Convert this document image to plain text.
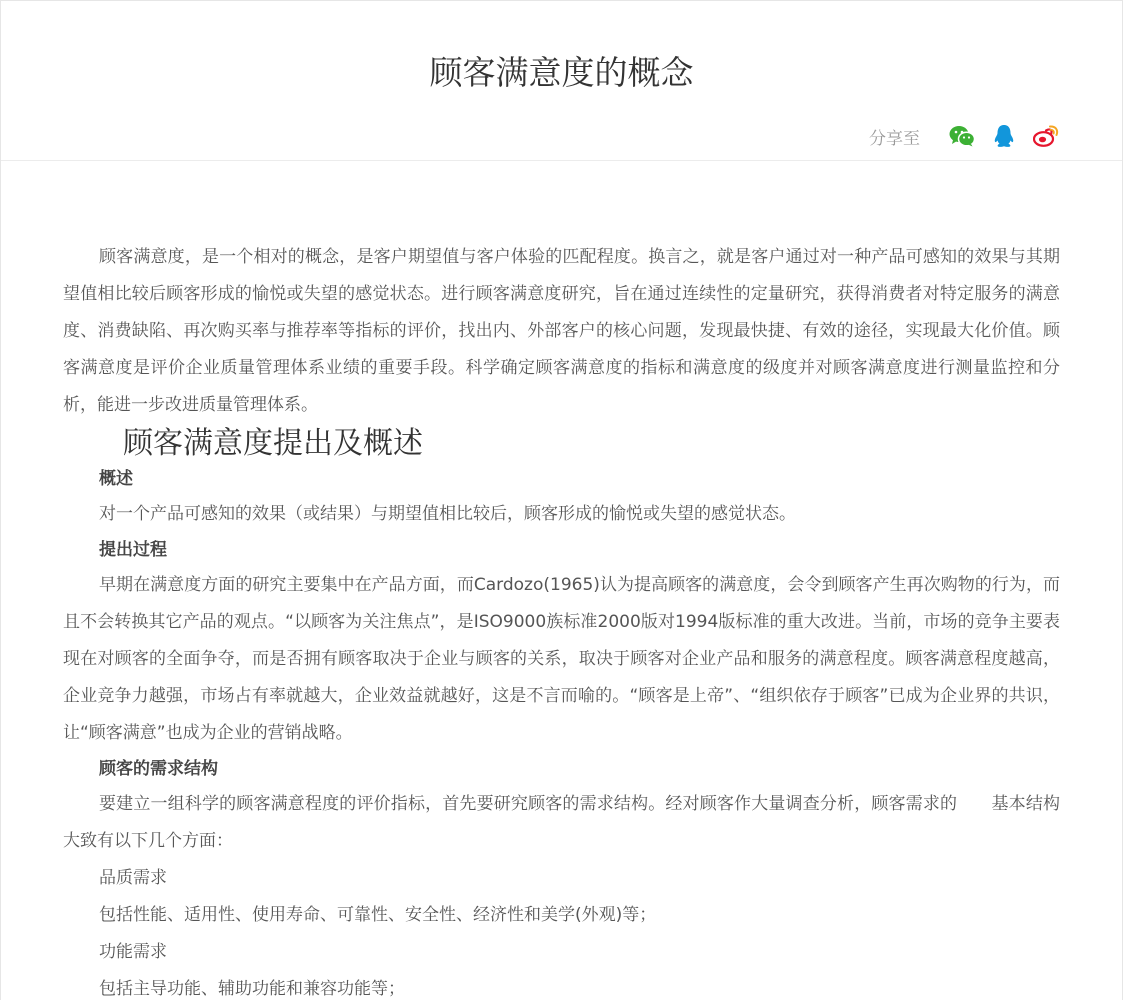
顾客满意度的概念
分享至

顾客满意度，是一个相对的概念，是客户期望值与客户体验的匹配程度。换言之，就是客户通过对一种产品可感知的效果与其期望值相比较后顾客形成的愉悦或失望的感觉状态。进行顾客满意度研究，旨在通过连续性的定量研究，获得消费者对特定服务的满意度、消费缺陷、再次购买率与推荐率等指标的评价，找出内、外部客户的核心问题，发现最快捷、有效的途径，实现最大化价值。顾客满意度是评价企业质量管理体系业绩的重要手段。科学确定顾客满意度的指标和满意度的级度并对顾客满意度进行测量监控和分析，能进一步改进质量管理体系。

顾客满意度提出及概述

概述

对一个产品可感知的效果（或结果）与期望值相比较后，顾客形成的愉悦或失望的感觉状态。

提出过程

早期在满意度方面的研究主要集中在产品方面，而Cardozo(1965)认为提高顾客的满意度，会令到顾客产生再次购物的行为，而且不会转换其它产品的观点。“以顾客为关注焦点”，是ISO9000族标准2000版对1994版标准的重大改进。当前，市场的竞争主要表现在对顾客的全面争夺，而是否拥有顾客取决于企业与顾客的关系，取决于顾客对企业产品和服务的满意程度。顾客满意程度越高，企业竞争力越强，市场占有率就越大，企业效益就越好，这是不言而喻的。“顾客是上帝”、“组织依存于顾客”已成为企业界的共识，让“顾客满意”也成为企业的营销战略。

顾客的需求结构

要建立一组科学的顾客满意程度的评价指标，首先要研究顾客的需求结构。经对顾客作大量调查分析，顾客需求的　　基本结构大致有以下几个方面：

品质需求

包括性能、适用性、使用寿命、可靠性、安全性、经济性和美学(外观)等；

功能需求

包括主导功能、辅助功能和兼容功能等；
